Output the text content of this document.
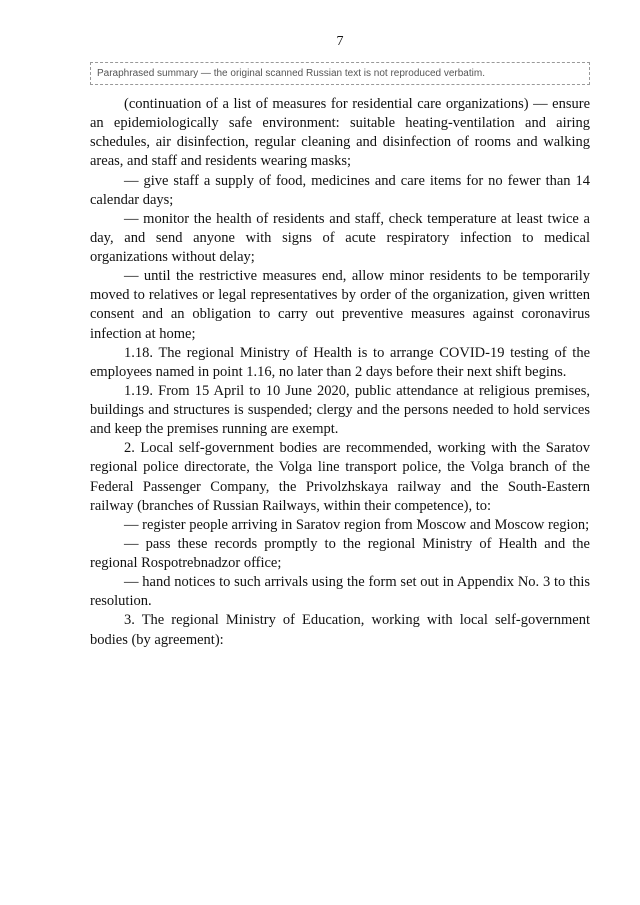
7
Paraphrased summary — the original scanned Russian text is not reproduced verbatim.

(continuation of a list of measures for residential care organizations) — ensure an epidemiologically safe environment: suitable heating-ventilation and airing schedules, air disinfection, regular cleaning and disinfection of rooms and walking areas, and staff and residents wearing masks;

— give staff a supply of food, medicines and care items for no fewer than 14 calendar days;

— monitor the health of residents and staff, check temperature at least twice a day, and send anyone with signs of acute respiratory infection to medical organizations without delay;

— until the restrictive measures end, allow minor residents to be temporarily moved to relatives or legal representatives by order of the organization, given written consent and an obligation to carry out preventive measures against coronavirus infection at home;

1.18. The regional Ministry of Health is to arrange COVID-19 testing of the employees named in point 1.16, no later than 2 days before their next shift begins.

1.19. From 15 April to 10 June 2020, public attendance at religious premises, buildings and structures is suspended; clergy and the persons needed to hold services and keep the premises running are exempt.

2. Local self-government bodies are recommended, working with the Saratov regional police directorate, the Volga line transport police, the Volga branch of the Federal Passenger Company, the Privolzhskaya railway and the South-Eastern railway (branches of Russian Railways, within their competence), to:

— register people arriving in Saratov region from Moscow and Moscow region;

— pass these records promptly to the regional Ministry of Health and the regional Rospotrebnadzor office;

— hand notices to such arrivals using the form set out in Appendix No. 3 to this resolution.

3. The regional Ministry of Education, working with local self-government bodies (by agreement):
